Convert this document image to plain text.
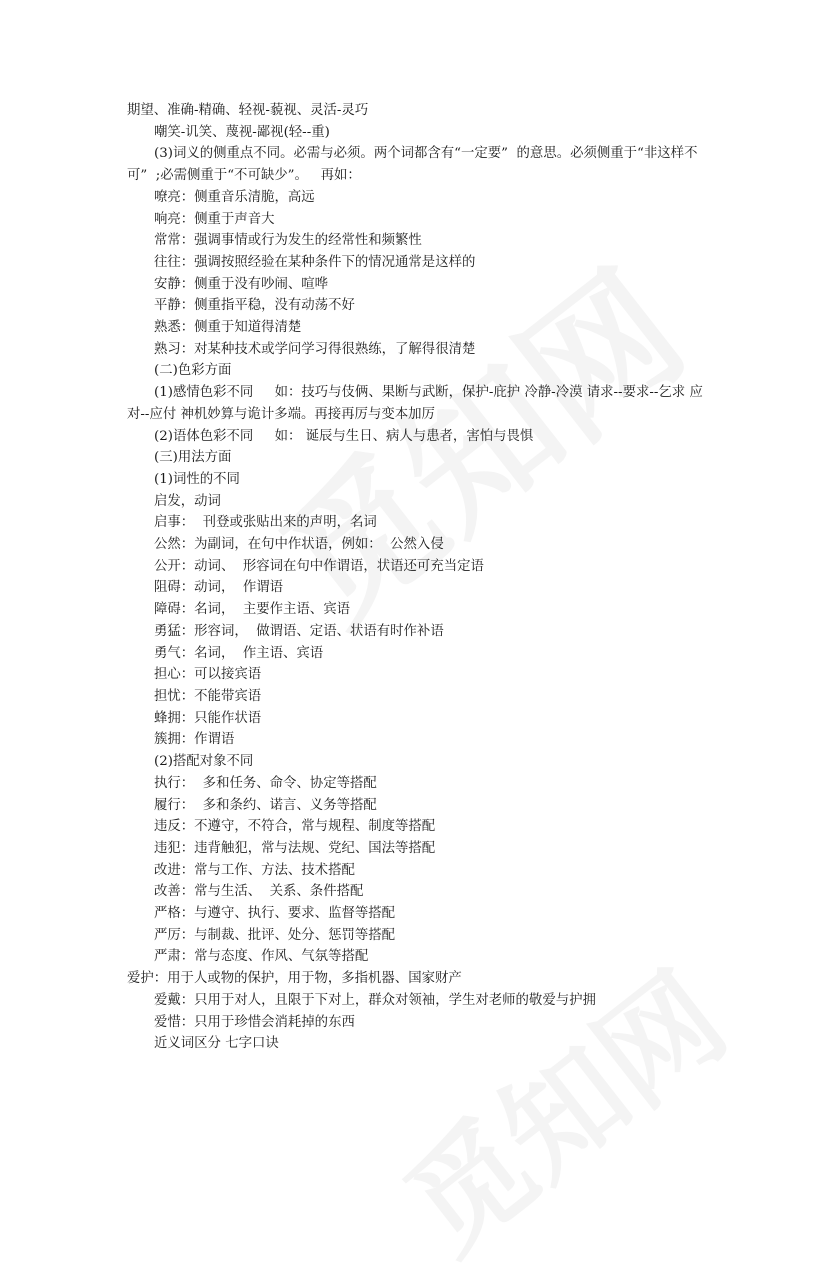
期望、准确-精确、轻视-藐视、灵活-灵巧
嘲笑-讥笑、蔑视-鄙视(轻--重)
(3)词义的侧重点不同。必需与必须。两个词都含有“一定要”  的意思。必须侧重于“非这样不可”  ;必需侧重于“不可缺少”。   再如：
嘹亮：侧重音乐清脆，高远
响亮：侧重于声音大
常常：强调事情或行为发生的经常性和频繁性
往往：强调按照经验在某种条件下的情况通常是这样的
安静：侧重于没有吵闹、喧哗
平静：侧重指平稳，没有动荡不好
熟悉：侧重于知道得清楚
熟习：对某种技术或学问学习得很熟练，了解得很清楚
(二)色彩方面
(1)感情色彩不同     如：技巧与伎俩、果断与武断，保护-庇护 冷静-冷漠 请求--要求--乞求 应对--应付 神机妙算与诡计多端。再接再厉与变本加厉
(2)语体色彩不同     如： 诞辰与生日、病人与患者，害怕与畏惧
(三)用法方面
(1)词性的不同
启发，动词
启事：  刊登或张贴出来的声明，名词
公然：为副词，在句中作状语，例如：  公然入侵
公开：动词、  形容词在句中作谓语，状语还可充当定语
阻碍：动词，  作谓语
障碍：名词，  主要作主语、宾语
勇猛：形容词，  做谓语、定语、状语有时作补语
勇气：名词，  作主语、宾语
担心：可以接宾语
担忧：不能带宾语
蜂拥：只能作状语
簇拥：作谓语
(2)搭配对象不同
执行：  多和任务、命令、协定等搭配
履行：  多和条约、诺言、义务等搭配
违反：不遵守，不符合，常与规程、制度等搭配
违犯：违背触犯，常与法规、党纪、国法等搭配
改进：常与工作、方法、技术搭配
改善：常与生活、  关系、条件搭配
严格：与遵守、执行、要求、监督等搭配
严厉：与制裁、批评、处分、惩罚等搭配
严肃：常与态度、作风、气氛等搭配
爱护：用于人或物的保护，用于物，多指机器、国家财产
爱戴：只用于对人，且限于下对上，群众对领袖，学生对老师的敬爱与护拥
爱惜：只用于珍惜会消耗掉的东西
近义词区分 七字口诀
